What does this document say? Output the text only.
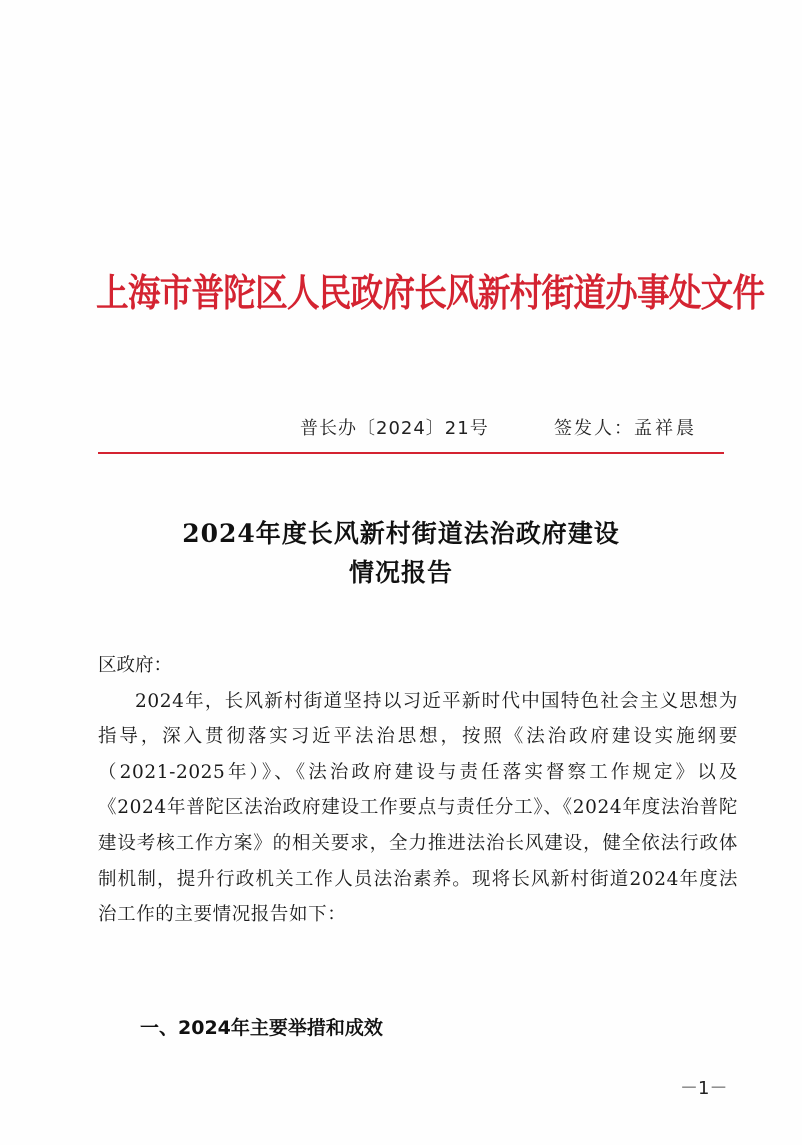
上海市普陀区人民政府长风新村街道办事处文件
普长办〔2024〕21号	签发人：孟祥晨
2024年度长风新村街道法治政府建设
情况报告

区政府：

2024年，长风新村街道坚持以习近平新时代中国特色社会主义思想为指导，深入贯彻落实习近平法治思想，按照《法治政府建设实施纲要（2021-2025年）》、《法治政府建设与责任落实督察工作规定》以及《2024年普陀区法治政府建设工作要点与责任分工》、《2024年度法治普陀建设考核工作方案》的相关要求，全力推进法治长风建设，健全依法行政体制机制，提升行政机关工作人员法治素养。现将长风新村街道2024年度法治工作的主要情况报告如下：

一、2024年主要举措和成效
－1－
